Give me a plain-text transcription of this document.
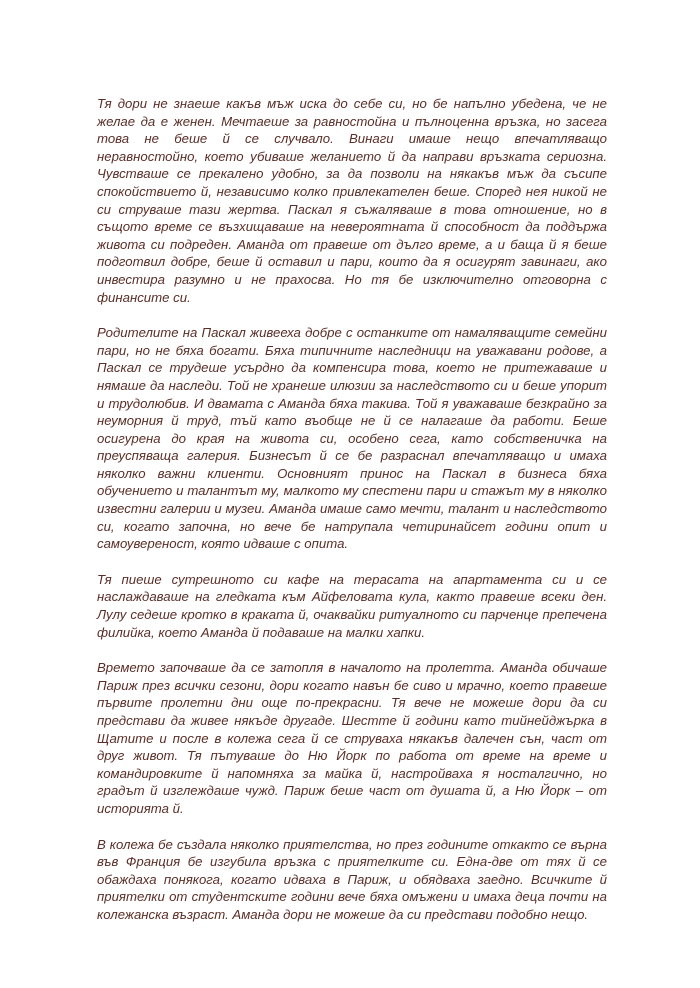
Тя дори не знаеше какъв мъж иска до себе си, но бе напълно убедена, че не желае да е женен. Мечтаеше за равностойна и пълноценна връзка, но засега това не беше й се случвало. Винаги имаше нещо впечатляващо неравностойно, което убиваше желанието й да направи връзката сериозна. Чувстваше се прекалено удобно, за да позволи на някакъв мъж да съсипе спокойствието й, независимо колко привлекателен беше. Според нея никой не си струваше тази жертва. Паскал я съжаляваше в това отношение, но в същото време се възхищаваше на невероятната й способност да поддържа живота си подреден. Аманда от правеше от дълго време, а и баща й я беше подготвил добре, беше й оставил и пари, които да я осигурят завинаги, ако инвестира разумно и не прахосва. Но тя бе изключително отговорна с финансите си.

Родителите на Паскал живееха добре с останките от намаляващите семейни пари, но не бяха богати. Бяха типичните наследници на уважавани родове, а Паскал се трудеше усърдно да компенсира това, което не притежаваше и нямаше да наследи. Той не хранеше илюзии за наследството си и беше упорит и трудолюбив. И двамата с Аманда бяха такива. Той я уважаваше безкрайно за неуморния й труд, тъй като въобще не й се налагаше да работи. Беше осигурена до края на живота си, особено сега, като собственичка на преуспяваща галерия. Бизнесът й се бе разраснал впечатляващо и имаха няколко важни клиенти. Основният принос на Паскал в бизнеса бяха обучението и талантът му, малкото му спестени пари и стажът му в няколко известни галерии и музеи. Аманда имаше само мечти, талант и наследството си, когато започна, но вече бе натрупала четиринайсет години опит и самоувереност, която идваше с опита.

Тя пиеше сутрешното си кафе на терасата на апартамента си и се наслаждаваше на гледката към Айфеловата кула, както правеше всеки ден. Лулу седеше кротко в краката й, очаквайки ритуалното си парченце препечена филийка, което Аманда й подаваше на малки хапки.

Времето започваше да се затопля в началото на пролетта. Аманда обичаше Париж през всички сезони, дори когато навън бе сиво и мрачно, което правеше първите пролетни дни още по-прекрасни. Тя вече не можеше дори да си представи да живее някъде другаде. Шестте й години като тийнейджърка в Щатите и после в колежа сега й се струваха някакъв далечен сън, част от друг живот. Тя пътуваше до Ню Йорк по работа от време на време и командировките й напомняха за майка й, настройваха я носталгично, но градът й изглеждаше чужд. Париж беше част от душата й, а Ню Йорк – от историята й.

В колежа бе създала няколко приятелства, но през годините откакто се върна във Франция бе изгубила връзка с приятелките си. Една-две от тях й се обаждаха понякога, когато идваха в Париж, и обядваха заедно. Всичките й приятелки от студентските години вече бяха омъжени и имаха деца почти на колежанска възраст. Аманда дори не можеше да си представи подобно нещо.
